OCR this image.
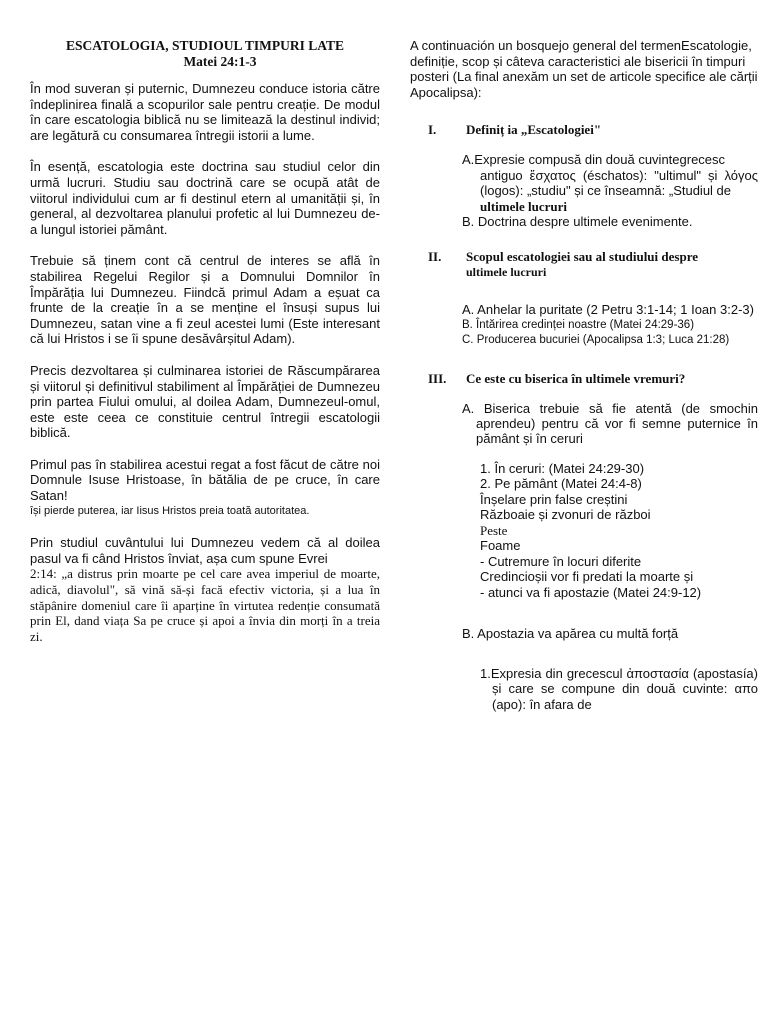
ESCATOLOGIA, STUDIOUL TIMPURI LATE
Matei 24:1-3

În mod suveran și puternic, Dumnezeu conduce istoria către îndeplinirea finală a scopurilor sale pentru creație. De modul în care escatologia biblică nu se limitează la destinul individ; are legătură cu consumarea întregii istorii a lume.

În esență, escatologia este doctrina sau studiul celor din urmă lucruri. Studiu sau doctrină care se ocupă atât de viitorul individului cum ar fi destinul etern al umanității și, în general, al dezvoltarea planului profetic al lui Dumnezeu de-a lungul istoriei pământ.

Trebuie să ținem cont că centrul de interes se află în stabilirea Regelui Regilor și a Domnului Domnilor în Împărăția lui Dumnezeu. Fiindcă primul Adam a eșuat ca frunte de la creație în a se menține el însuși supus lui Dumnezeu, satan vine a fi zeul acestei lumi (Este interesant că lui Hristos i se îi spune desăvârșitul Adam).

Precis dezvoltarea și culminarea istoriei de Răscumpărarea și viitorul și definitivul stabiliment al Împărăției de Dumnezeu prin partea Fiului omului, al doilea Adam, Dumnezeul-omul, este este ceea ce constituie centrul întregii escatologii biblică.

Primul pas în stabilirea acestui regat a fost făcut de către noi Domnule Isuse Hristoase, în bătălia de pe cruce, în care Satan!

își pierde puterea, iar Iisus Hristos preia toată autoritatea.

Prin studiul cuvântului lui Dumnezeu vedem că al doilea pasul va fi când Hristos înviat, așa cum spune Evrei

2:14: „a distrus prin moarte pe cel care avea imperiul de moarte, adică, diavolul", să vină să-și facă efectiv victoria, și a lua în stăpânire domeniul care îi aparține în virtutea redenție consumată prin El, dand viața Sa pe cruce și apoi a învia din morți în a treia zi.

A continuación un bosquejo general del termenEscatologie, definiție, scop și câteva caracteristici ale bisericii în timpuri posteri (La final anexăm un set de articole specifice ale cărții Apocalipsa):
I.	Definiț ia „Escatologiei"
A.Expresie compusă din două cuvintegrecesc
antiguo ἔσχατος (éschatos): "ultimul" și λόγος (logos): „studiu" și ce înseamnă: „Studiul de
ultimele lucruri
B. Doctrina despre ultimele evenimente.
II.	Scopul escatologiei sau al studiului despre
ultimele lucruri
A. Anhelar la puritate (2 Petru 3:1-14; 1 Ioan 3:2-3)
B. Întărirea credinței noastre (Matei 24:29-36)
C. Producerea bucuriei (Apocalipsa 1:3; Luca 21:28)
III.	Ce este cu biserica în ultimele vremuri?
A. Biserica trebuie să fie atentă (de smochin aprendeu) pentru că vor fi semne puternice în pământ și în ceruri
1. În ceruri: (Matei 24:29-30)
2. Pe pământ (Matei 24:4-8)
Înșelare prin false creștini
Războaie și zvonuri de război
Peste
Foame
- Cutremure în locuri diferite
Credincioșii vor fi predati la moarte și
- atunci va fi apostazie (Matei 24:9-12)
B. Apostazia va apărea cu multă forță
1.Expresia din grecescul ἀποστασία (apostasía) și care se compune din două cuvinte: απο (apo): în afara de
